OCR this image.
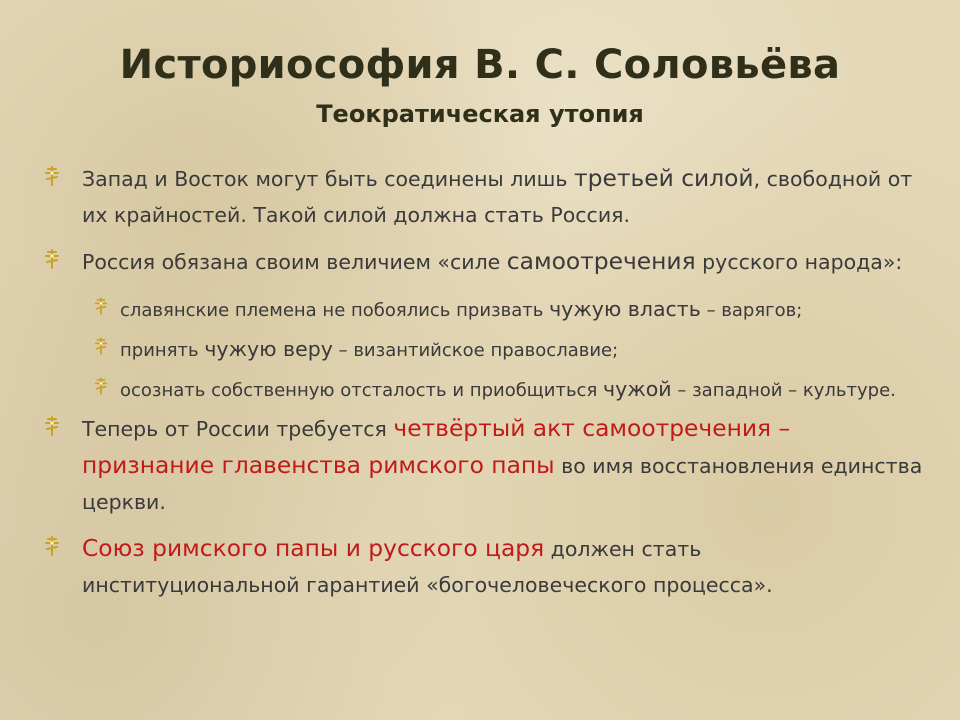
Историософия В. С. Соловьёва
Теократическая утопия
Запад и Восток могут быть соединены лишь третьей силой, свободной от их крайностей. Такой силой должна стать Россия.
Россия обязана своим величием «силе самоотречения русского народа»:
славянские племена не побоялись призвать чужую власть – варягов;
принять чужую веру – византийское православие;
осознать собственную отсталость и приобщиться чужой – западной – культуре.
Теперь от России требуется четвёртый акт самоотречения – признание главенства римского папы во имя восстановления единства церкви.
Союз римского папы и русского царя должен стать институциональной гарантией «богочеловеческого процесса».
